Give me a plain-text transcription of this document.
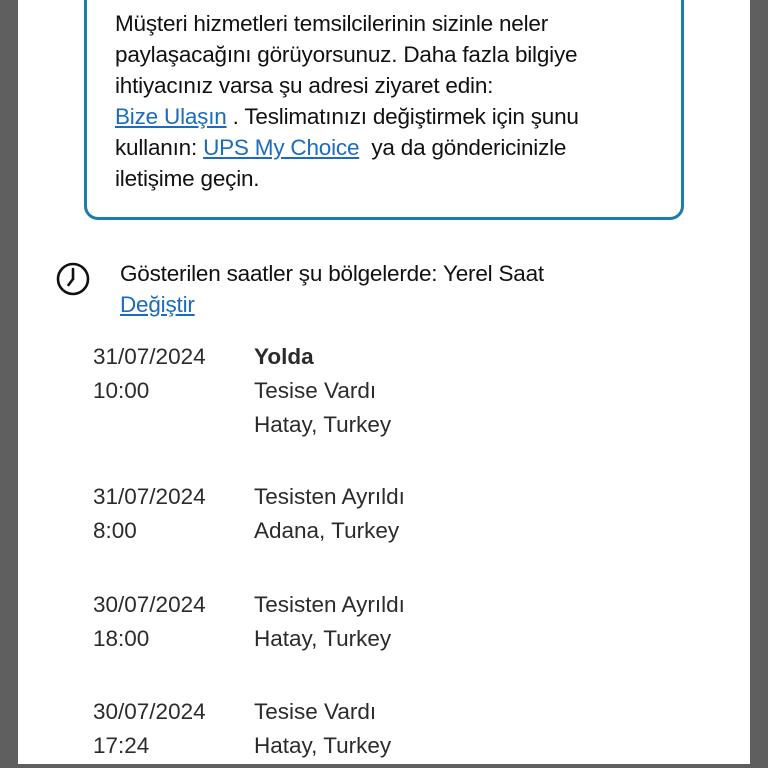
Müşteri hizmetleri temsilcilerinin sizinle neler
paylaşacağını görüyorsunuz. Daha fazla bilgiye
ihtiyacınız varsa şu adresi ziyaret edin:
Bize Ulaşın . Teslimatınızı değiştirmek için şunu
kullanın: UPS My Choice  ya da göndericinizle
iletişime geçin.
Gösterilen saatler şu bölgelerde: Yerel Saat
Değiştir
31/07/2024
10:00
Yolda
Tesise Vardı
Hatay, Turkey
31/07/2024
8:00
Tesisten Ayrıldı
Adana, Turkey
30/07/2024
18:00
Tesisten Ayrıldı
Hatay, Turkey
30/07/2024
17:24
Tesise Vardı
Hatay, Turkey
